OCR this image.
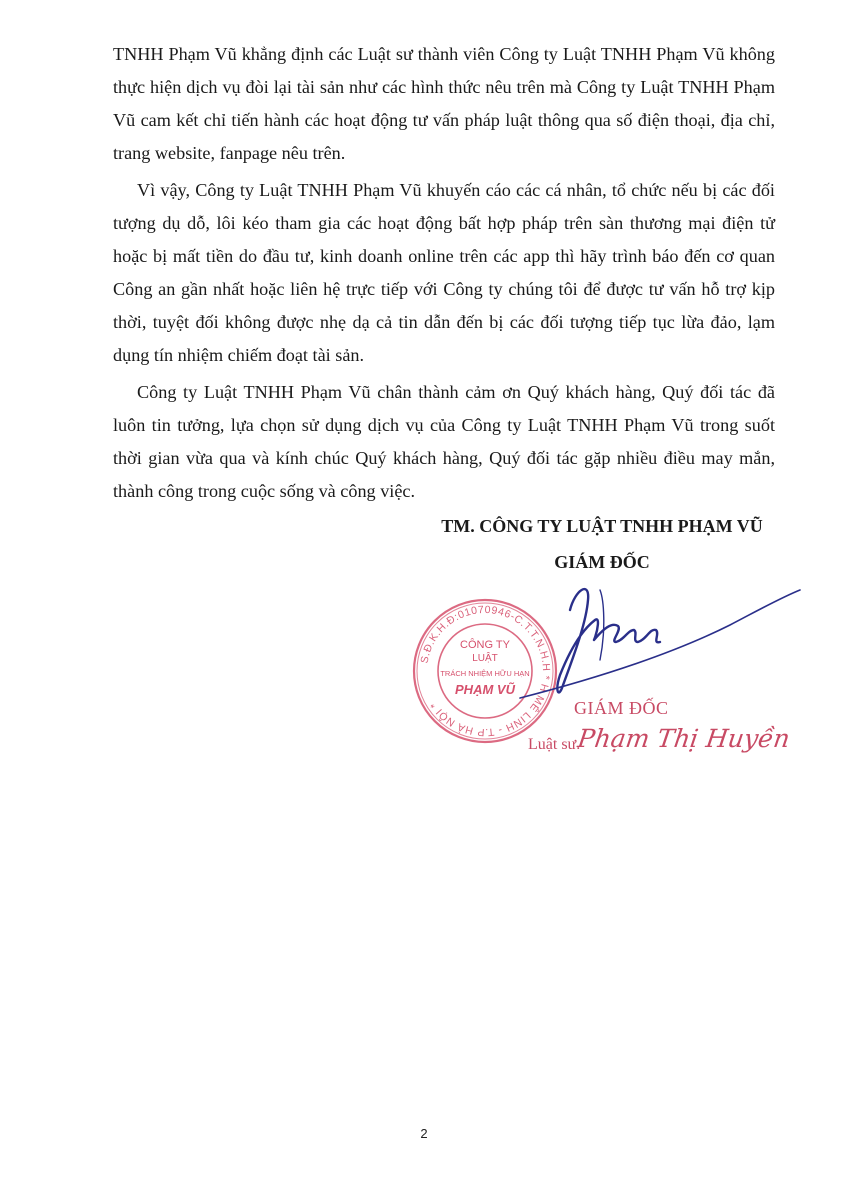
TNHH Phạm Vũ khẳng định các Luật sư thành viên Công ty Luật TNHH Phạm Vũ không thực hiện dịch vụ đòi lại tài sản như các hình thức nêu trên mà Công ty Luật TNHH Phạm Vũ cam kết chỉ tiến hành các hoạt động tư vấn pháp luật thông qua số điện thoại, địa chỉ, trang website, fanpage nêu trên.

Vì vậy, Công ty Luật TNHH Phạm Vũ khuyến cáo các cá nhân, tổ chức nếu bị các đối tượng dụ dỗ, lôi kéo tham gia các hoạt động bất hợp pháp trên sàn thương mại điện tử hoặc bị mất tiền do đầu tư, kinh doanh online trên các app thì hãy trình báo đến cơ quan Công an gần nhất hoặc liên hệ trực tiếp với Công ty chúng tôi để được tư vấn hỗ trợ kịp thời, tuyệt đối không được nhẹ dạ cả tin dẫn đến bị các đối tượng tiếp tục lừa đảo, lạm dụng tín nhiệm chiếm đoạt tài sản.

Công ty Luật TNHH Phạm Vũ chân thành cảm ơn Quý khách hàng, Quý đối tác đã luôn tin tưởng, lựa chọn sử dụng dịch vụ của Công ty Luật TNHH Phạm Vũ trong suốt thời gian vừa qua và kính chúc Quý khách hàng, Quý đối tác gặp nhiều điều may mắn, thành công trong cuộc sống và công việc.

TM. CÔNG TY LUẬT TNHH PHẠM VŨ
GIÁM ĐỐC
S.Đ.K.H.Đ:01070946-C.T.T.N.H.H * H.MÊ LINH - T.P HÀ NỘI *
CÔNG TY
LUẬT
TRÁCH NHIỆM HỮU HẠN
PHẠM VŨ
GIÁM ĐỐC
Luật sư.
Phạm Thị Huyền
2
